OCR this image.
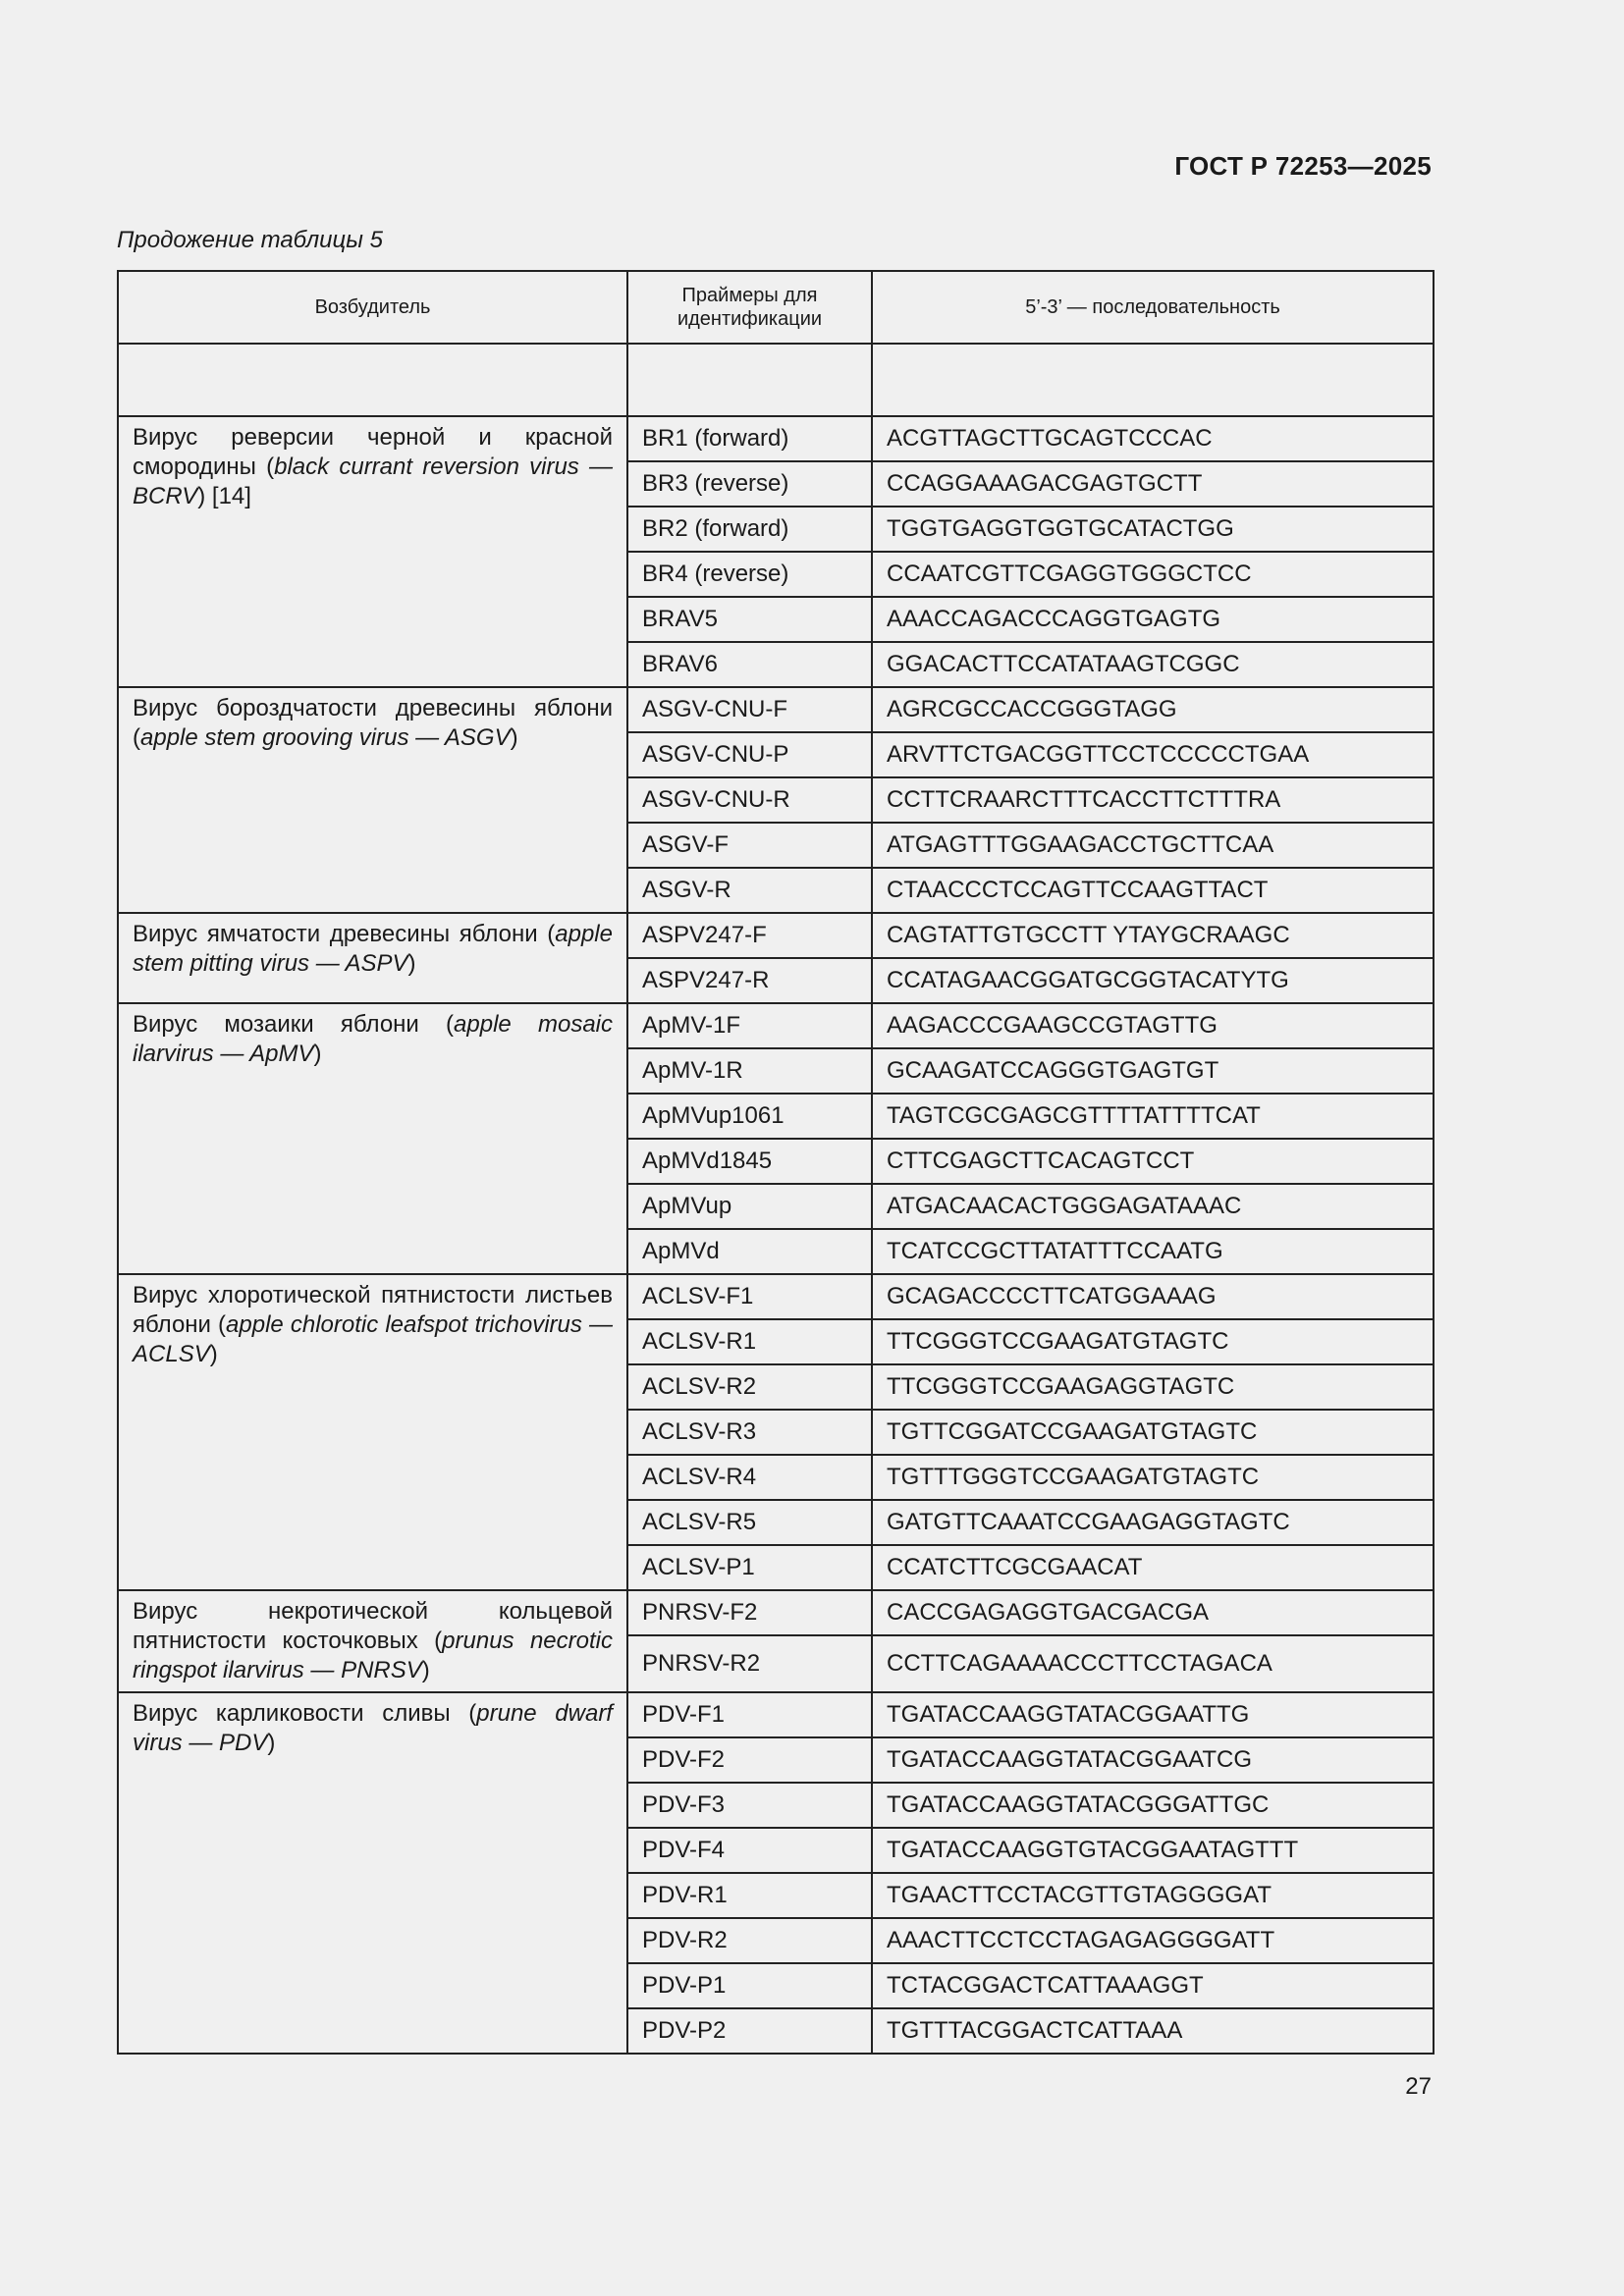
ГОСТ Р 72253—2025
Продожение таблицы 5
Возбудитель	Праймеры для идентификации	5’-3’ — последовательность

Вирус реверсии черной и красной смородины (black currant reversion virus — BCRV) [14]	BR1 (forward)	ACGTTAGCTTGCAGTCCCAC
	BR3 (reverse)	CCAGGAAAGACGAGTGCTT
	BR2 (forward)	TGGTGAGGTGGTGCATACTGG
	BR4 (reverse)	CCAATCGTTCGAGGTGGGCTCC
	BRAV5	AAACCAGACCCAGGTGAGTG
	BRAV6	GGACACTTCCATATAAGTCGGC
Вирус бороздчатости древесины яблони (apple stem grooving virus — ASGV)	ASGV-CNU-F	AGRCGCCACCGGGTAGG
	ASGV-CNU-P	ARVTTCTGACGGTTCCTCCCCCTGAA
	ASGV-CNU-R	CCTTCRAARCTTTCACCTTCTTTRA
	ASGV-F	ATGAGTTTGGAAGACCTGCTTCAA
	ASGV-R	CTAACCCTCCAGTTCCAAGTTACT
Вирус ямчатости древесины яблони (apple stem pitting virus — ASPV)	ASPV247-F	CAGTATTGTGCCTT YTAYGCRAAGC
	ASPV247-R	CCATAGAACGGATGCGGTACATYTG
Вирус мозаики яблони (apple mosaic ilarvirus — ApMV)	ApMV-1F	AAGACCCGAAGCCGTAGTTG
	ApMV-1R	GCAAGATCCAGGGTGAGTGT
	ApMVup1061	TAGTCGCGAGCGTTTTATTTTCAT
	ApMVd1845	CTTCGAGCTTCACAGTCCT
	ApMVup	ATGACAACACTGGGAGATAAAC
	ApMVd	TCATCCGCTTATATTTCCAATG
Вирус хлоротической пятнистости листьев яблони (apple chlorotic leafspot trichovirus — ACLSV)	ACLSV-F1	GCAGACCCCTTCATGGAAAG
	ACLSV-R1	TTCGGGTCCGAAGATGTAGTC
	ACLSV-R2	TTCGGGTCCGAAGAGGTAGTC
	ACLSV-R3	TGTTCGGATCCGAAGATGTAGTC
	ACLSV-R4	TGTTTGGGTCCGAAGATGTAGTC
	ACLSV-R5	GATGTTCAAATCCGAAGAGGTAGTC
	ACLSV-P1	CCATCTTCGCGAACAT
Вирус некротической кольцевой пятнистости косточковых (prunus necrotic ringspot ilarvirus — PNRSV)	PNRSV-F2	CACCGAGAGGTGACGACGA
	PNRSV-R2	CCTTCAGAAAACCCTTCCTAGACA
Вирус карликовости сливы (prune dwarf virus — PDV)	PDV-F1	TGATACCAAGGTATACGGAATTG
	PDV-F2	TGATACCAAGGTATACGGAATCG
	PDV-F3	TGATACCAAGGTATACGGGATTGC
	PDV-F4	TGATACCAAGGTGTACGGAATAGTTT
	PDV-R1	TGAACTTCCTACGTTGTAGGGGAT
	PDV-R2	AAACTTCCTCCTAGAGAGGGGATT
	PDV-P1	TCTACGGACTCATTAAAGGT
	PDV-P2	TGTTTACGGACTCATTAAA
27
